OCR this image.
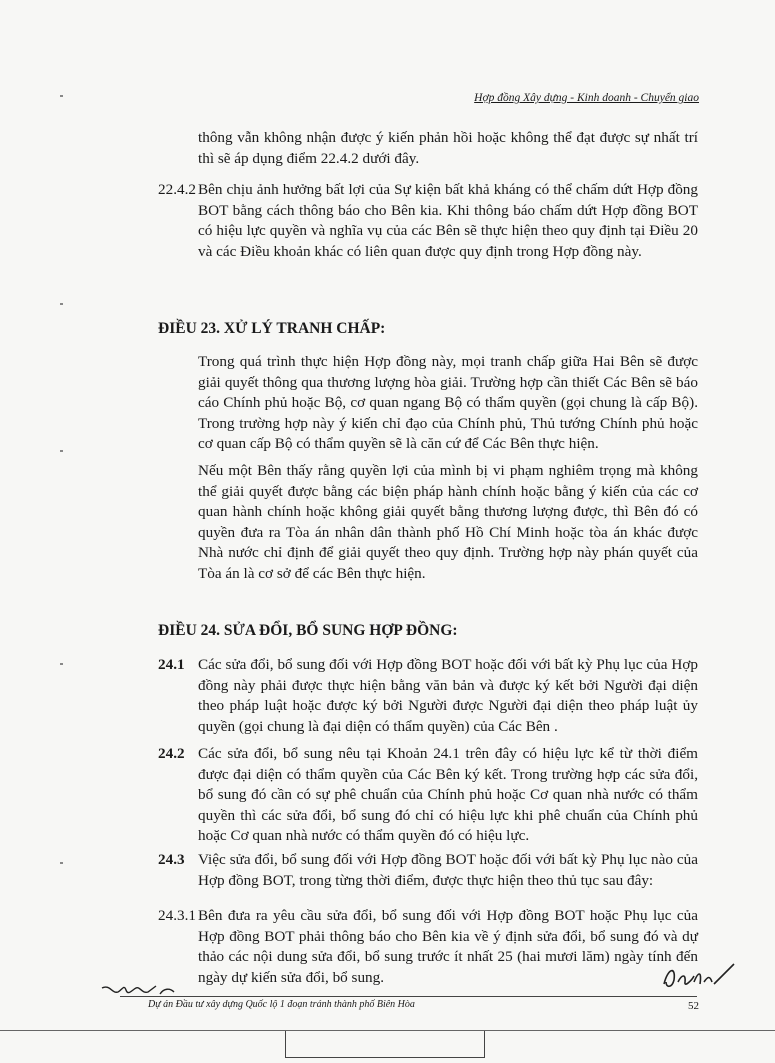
Hợp đồng Xây dựng - Kinh doanh - Chuyển giao
thông vẫn không nhận được ý kiến phản hồi hoặc không thể đạt được sự nhất trí thì sẽ áp dụng điểm 22.4.2 dưới đây.
22.4.2 Bên chịu ảnh hưởng bất lợi của Sự kiện bất khả kháng có thể chấm dứt Hợp đồng BOT bằng cách thông báo cho Bên kia. Khi thông báo chấm dứt Hợp đồng BOT có hiệu lực quyền và nghĩa vụ của các Bên sẽ thực hiện theo quy định tại Điều 20 và các Điều khoản khác có liên quan được quy định trong Hợp đồng này.
ĐIỀU 23. XỬ LÝ TRANH CHẤP:
Trong quá trình thực hiện Hợp đồng này, mọi tranh chấp giữa Hai Bên sẽ được giải quyết thông qua thương lượng hòa giải. Trường hợp cần thiết Các Bên sẽ báo cáo Chính phủ hoặc Bộ, cơ quan ngang Bộ có thẩm quyền (gọi chung là cấp Bộ). Trong trường hợp này ý kiến chỉ đạo của Chính phủ, Thủ tướng Chính phủ hoặc cơ quan cấp Bộ có thẩm quyền sẽ là căn cứ để Các Bên thực hiện.
Nếu một Bên thấy rằng quyền lợi của mình bị vi phạm nghiêm trọng mà không thể giải quyết được bằng các biện pháp hành chính hoặc bằng ý kiến của các cơ quan hành chính hoặc không giải quyết bằng thương lượng được, thì Bên đó có quyền đưa ra Tòa án nhân dân thành phố Hồ Chí Minh hoặc tòa án khác được Nhà nước chỉ định để giải quyết theo quy định. Trường hợp này phán quyết của Tòa án là cơ sở để các Bên thực hiện.
ĐIỀU 24. SỬA ĐỔI, BỔ SUNG HỢP ĐỒNG:
24.1 Các sửa đổi, bổ sung đối với Hợp đồng BOT hoặc đối với bất kỳ Phụ lục của Hợp đồng này phải được thực hiện bằng văn bản và được ký kết bởi Người đại diện theo pháp luật hoặc được ký bởi Người được Người đại diện theo pháp luật ủy quyền (gọi chung là đại diện có thẩm quyền) của Các Bên .
24.2 Các sửa đổi, bổ sung nêu tại Khoản 24.1 trên đây có hiệu lực kể từ thời điểm được đại diện có thẩm quyền của Các Bên ký kết. Trong trường hợp các sửa đổi, bổ sung đó cần có sự phê chuẩn của Chính phủ hoặc Cơ quan nhà nước có thẩm quyền thì các sửa đổi, bổ sung đó chỉ có hiệu lực khi phê chuẩn của Chính phủ hoặc Cơ quan nhà nước có thẩm quyền đó có hiệu lực.
24.3 Việc sửa đổi, bổ sung đối với Hợp đồng BOT hoặc đối với bất kỳ Phụ lục nào của Hợp đồng BOT, trong từng thời điểm, được thực hiện theo thủ tục sau đây:
24.3.1 Bên đưa ra yêu cầu sửa đổi, bổ sung đối với Hợp đồng BOT hoặc Phụ lục của Hợp đồng BOT phải thông báo cho Bên kia về ý định sửa đổi, bổ sung đó và dự thảo các nội dung sửa đổi, bổ sung trước ít nhất 25 (hai mươi lăm) ngày tính đến ngày dự kiến sửa đổi, bổ sung.
Dự án Đầu tư xây dựng Quốc lộ 1 đoạn tránh thành phố Biên Hòa	52
